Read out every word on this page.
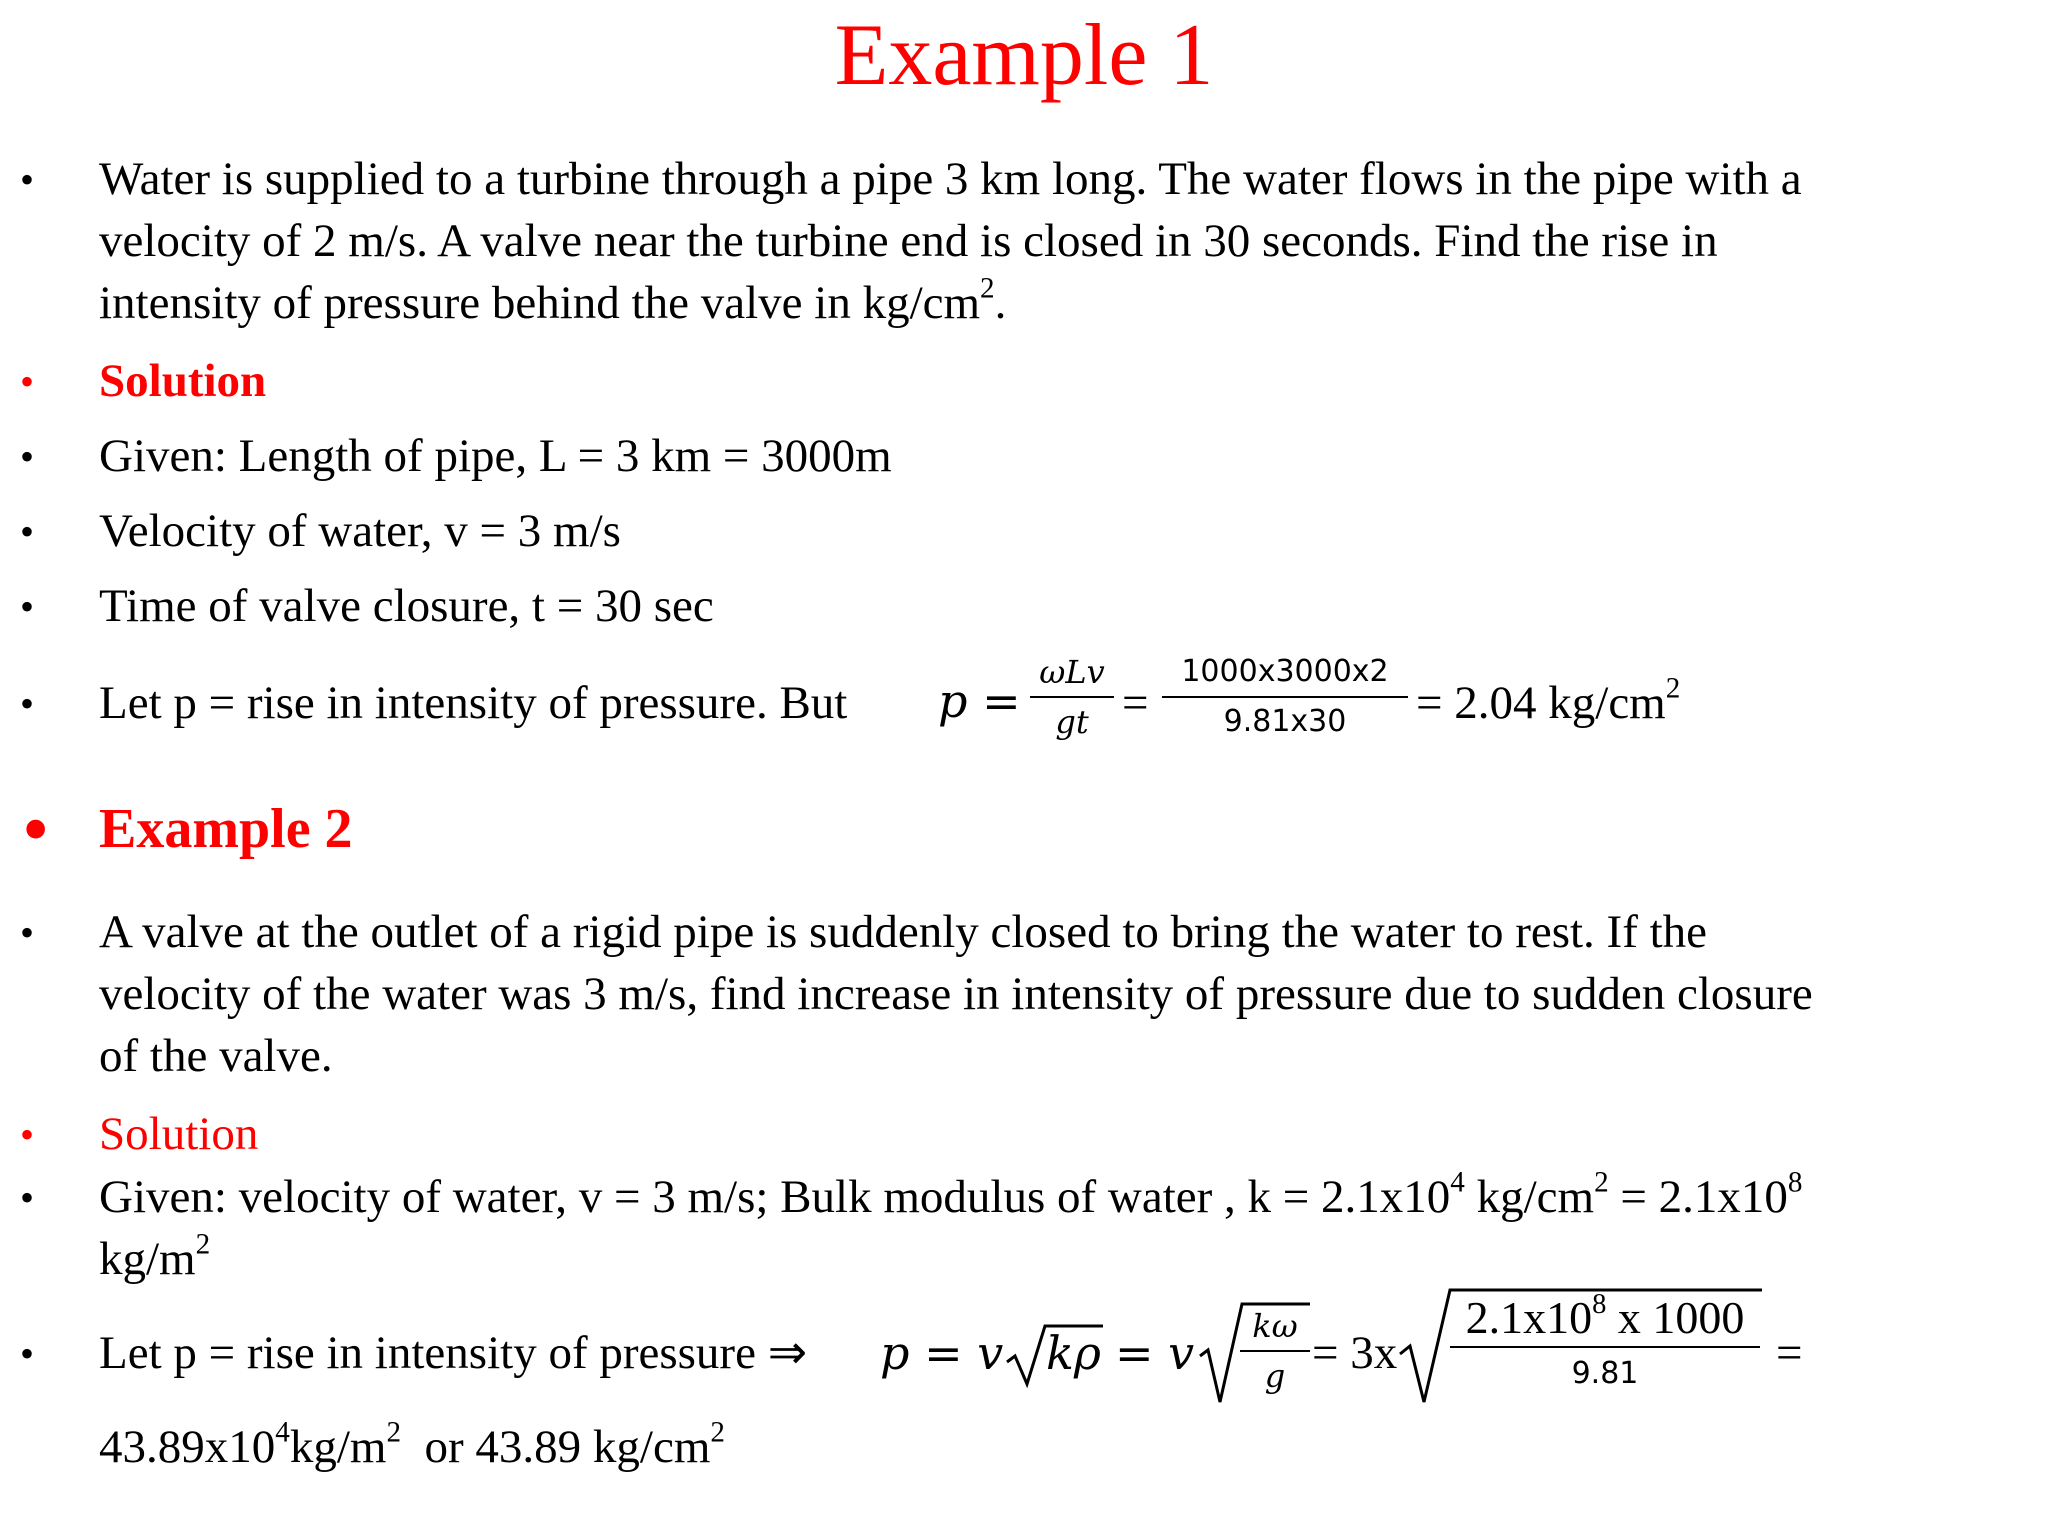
Example 1
• Water is supplied to a turbine through a pipe 3 km long. The water flows in the pipe with a
velocity of 2 m/s. A valve near the turbine end is closed in 30 seconds. Find the rise in
intensity of pressure behind the valve in $kg/cm^2$.
• Solution
• Given: Length of pipe, L = 3 km = 3000m
• Velocity of water, v = 3 m/s
• Time of valve closure, t = 30 sec
• Let p = rise in intensity of pressure. But p =
ωLv
gt =
1000x3000x2
9.81x30	= 2.04 $kg/cm^2$
• Example 2
• A valve at the outlet of a rigid pipe is suddenly closed to bring the water to rest. If the
velocity of the water was 3 m/s, find increase in intensity of pressure due to sudden closure
of the valve.
• Solution
• Given: velocity of water, v = 3 m/s; Bulk modulus of water , $k = 2.1x10^4$ $kg/cm^2 = 2.1x10^8$
$kg/m^2$
• Let p = rise in intensity of pressure ⇒ p = v kρ = v	kω
g = 3x
$2.1x10^8$ x 1000
9.81	=
$43.89x10^4kg/m^2$  or 43.89 $kg/cm^2$
